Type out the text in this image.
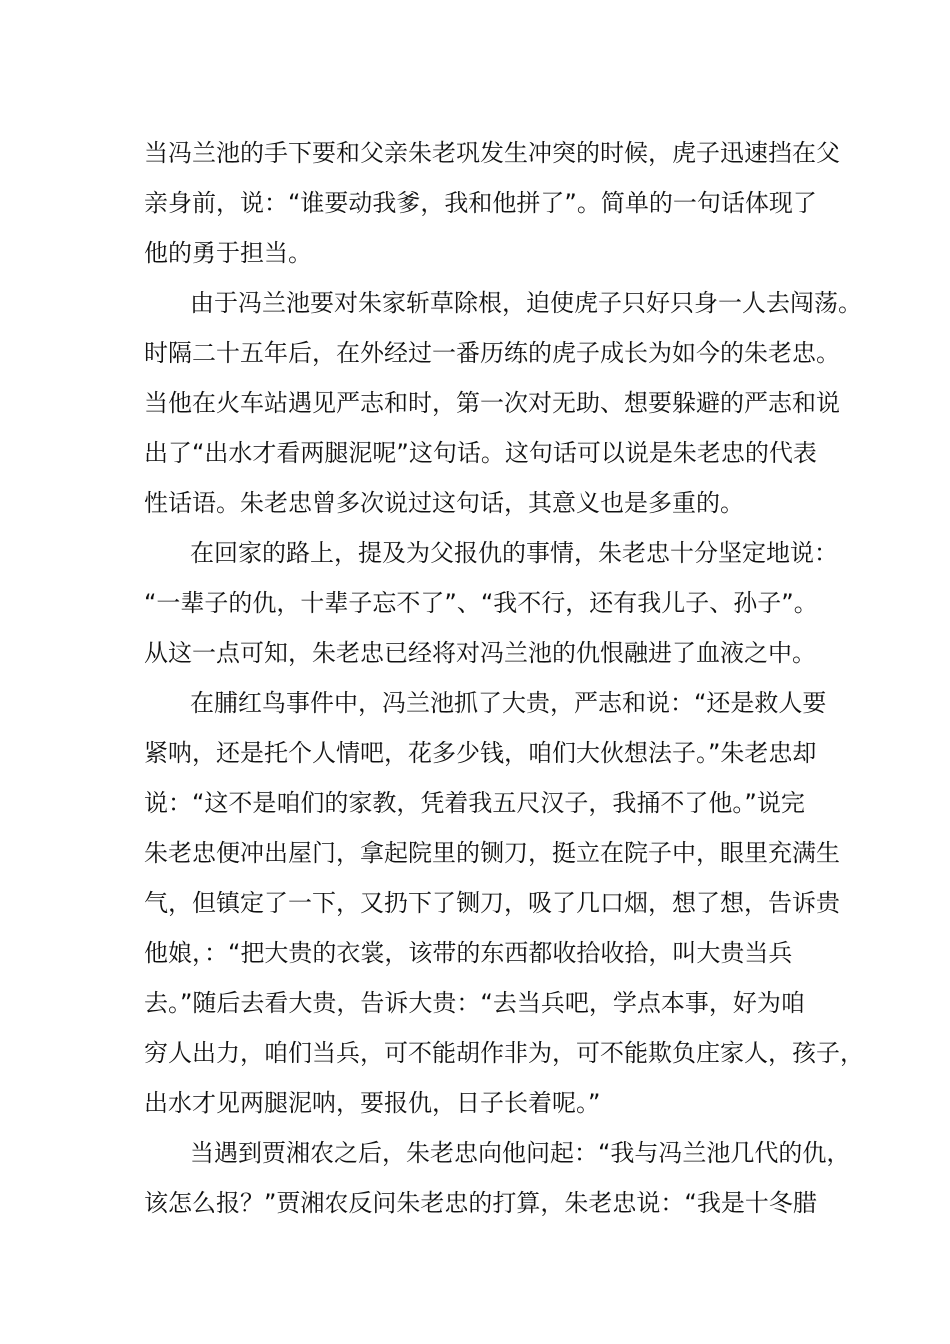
当冯兰池的手下要和父亲朱老巩发生冲突的时候，虎子迅速挡在父
亲身前，说：“谁要动我爹，我和他拼了”。简单的一句话体现了
他的勇于担当。
由于冯兰池要对朱家斩草除根，迫使虎子只好只身一人去闯荡。
时隔二十五年后，在外经过一番历练的虎子成长为如今的朱老忠。
当他在火车站遇见严志和时，第一次对无助、想要躲避的严志和说
出了“出水才看两腿泥呢”这句话。这句话可以说是朱老忠的代表
性话语。朱老忠曾多次说过这句话，其意义也是多重的。
在回家的路上，提及为父报仇的事情，朱老忠十分坚定地说：
“一辈子的仇，十辈子忘不了”、“我不行，还有我儿子、孙子”。
从这一点可知，朱老忠已经将对冯兰池的仇恨融进了血液之中。
在脯红鸟事件中，冯兰池抓了大贵，严志和说：“还是救人要
紧呐，还是托个人情吧，花多少钱，咱们大伙想法子。”朱老忠却
说：“这不是咱们的家教，凭着我五尺汉子，我捅不了他。”说完
朱老忠便冲出屋门，拿起院里的铡刀，挺立在院子中，眼里充满生
气，但镇定了一下，又扔下了铡刀，吸了几口烟，想了想，告诉贵
他娘，：“把大贵的衣裳，该带的东西都收拾收拾，叫大贵当兵
去。”随后去看大贵，告诉大贵：“去当兵吧，学点本事，好为咱
穷人出力，咱们当兵，可不能胡作非为，可不能欺负庄家人，孩子，
出水才见两腿泥呐，要报仇，日子长着呢。”
当遇到贾湘农之后，朱老忠向他问起：“我与冯兰池几代的仇，
该怎么报？”贾湘农反问朱老忠的打算，朱老忠说：“我是十冬腊
